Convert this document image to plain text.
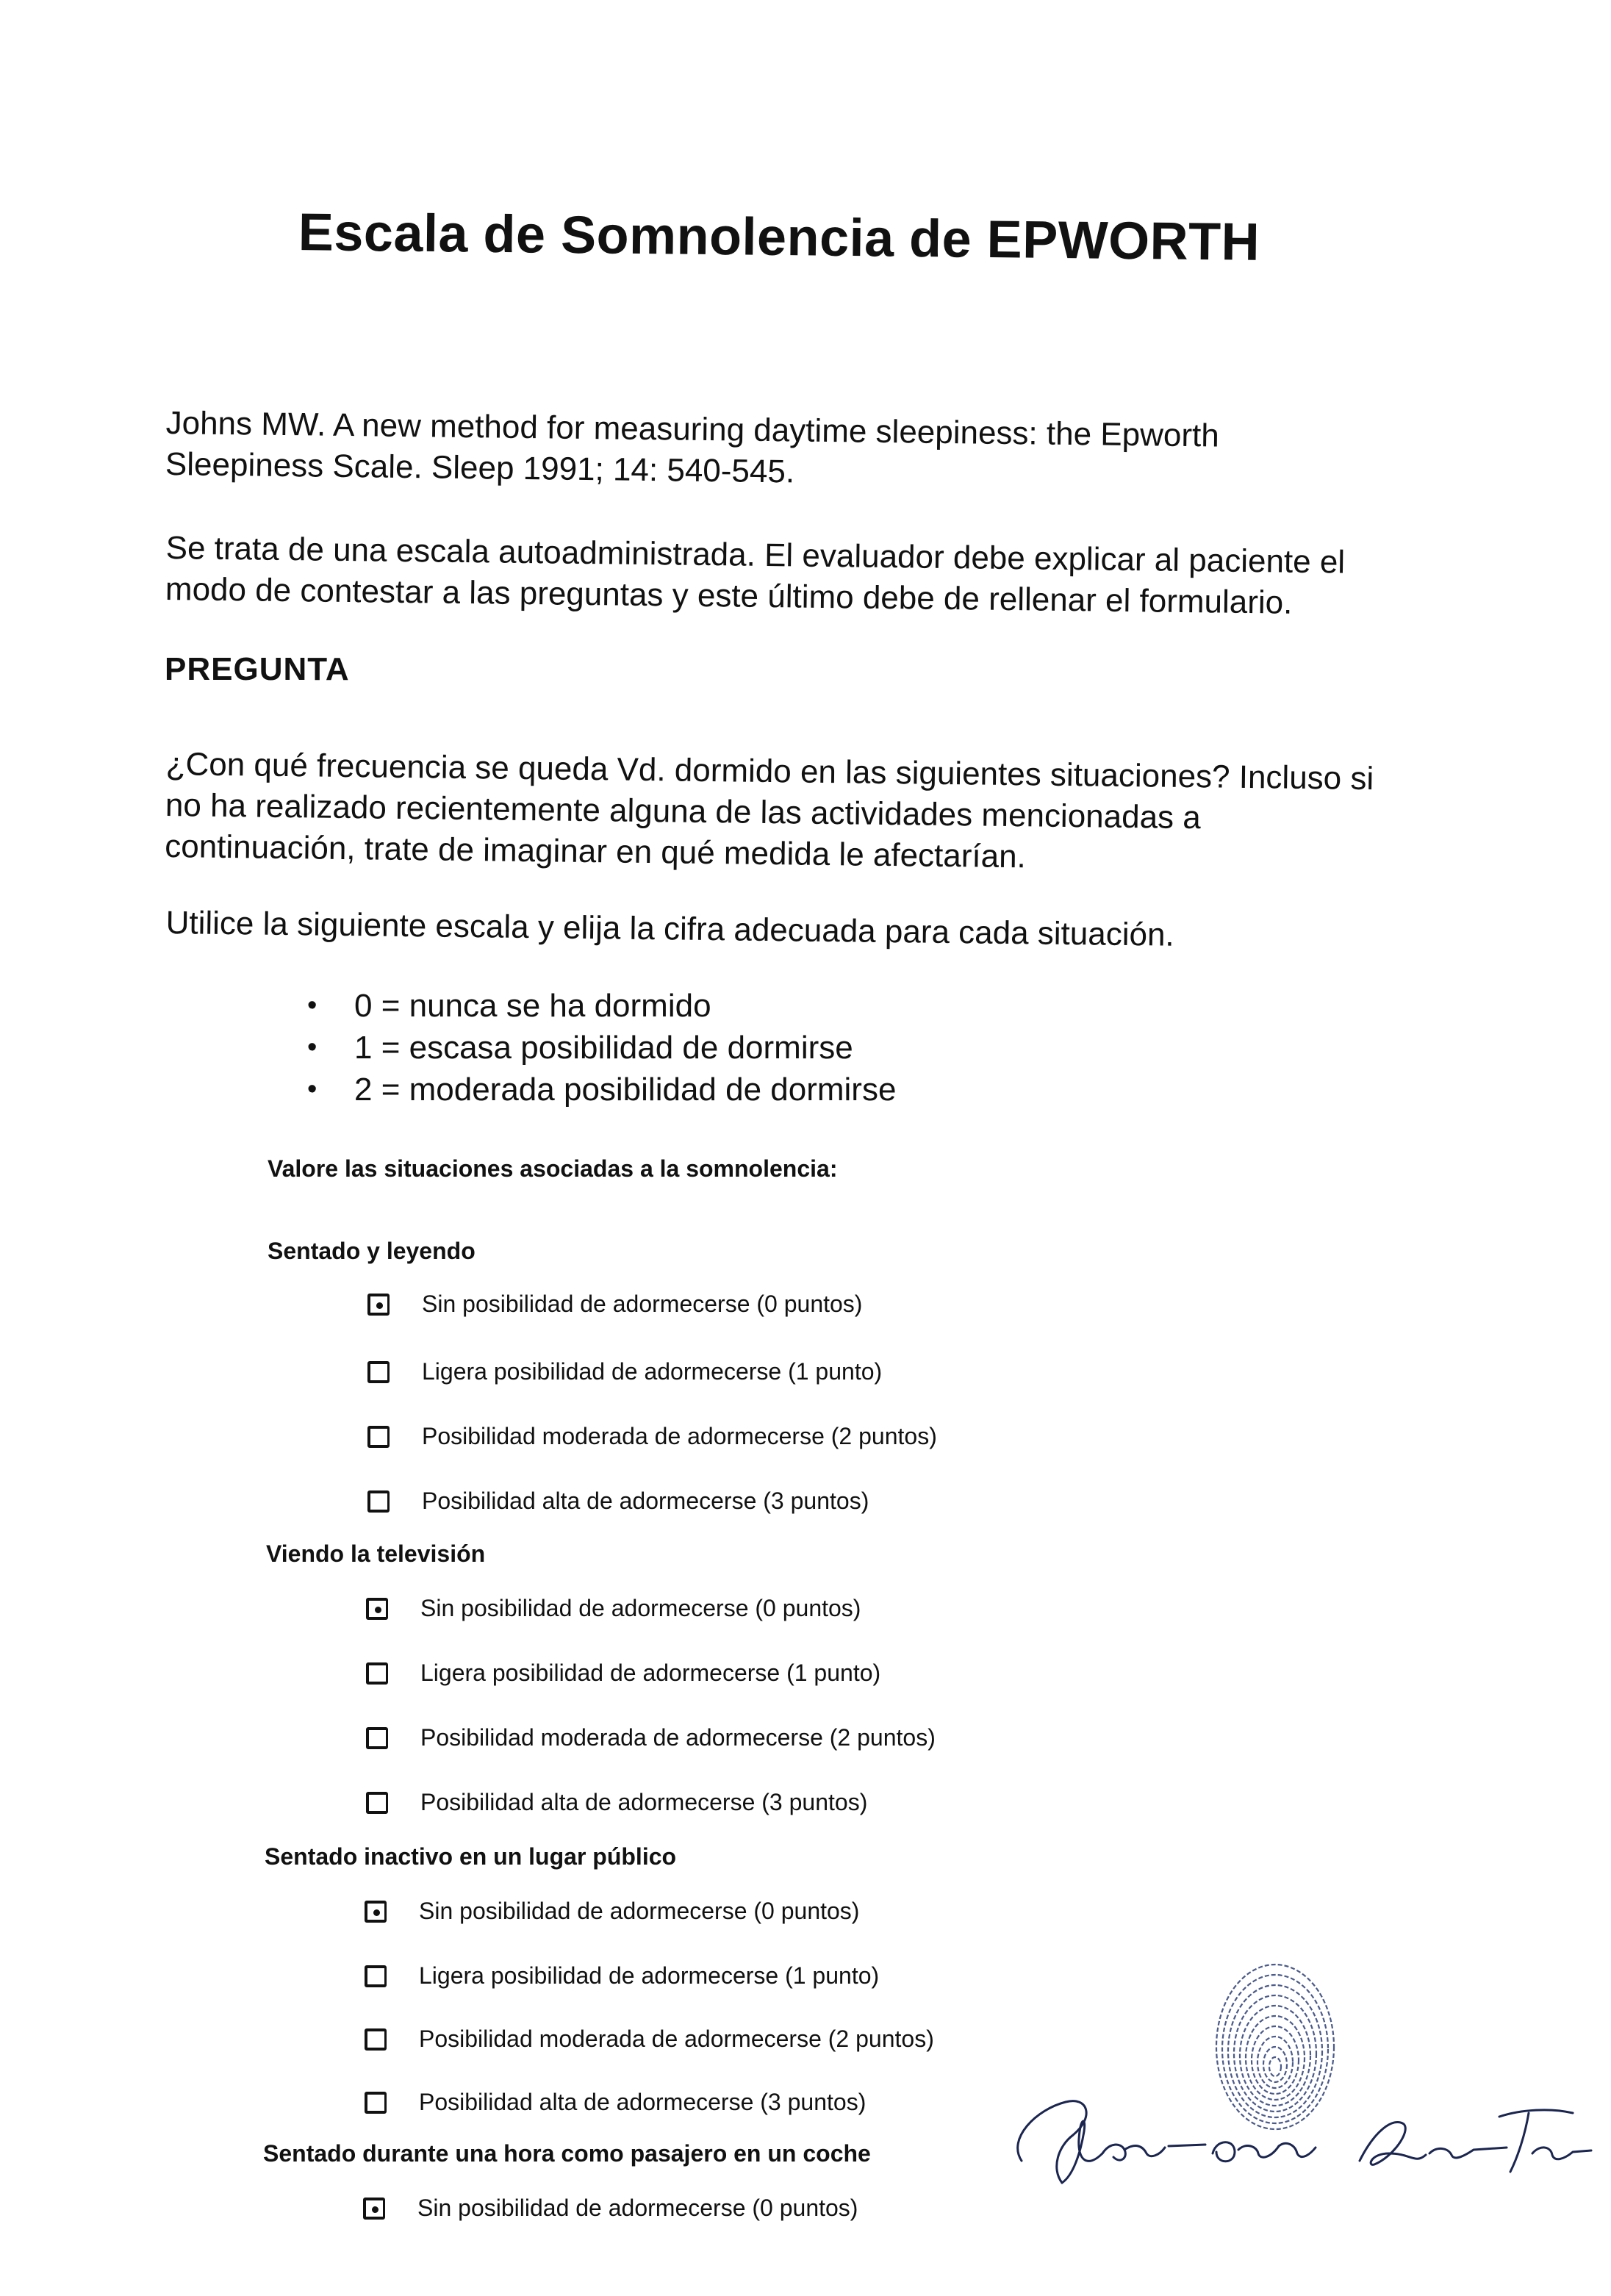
Escala de Somnolencia de EPWORTH
Johns MW. A new method for measuring daytime sleepiness: the Epworth
Sleepiness Scale. Sleep 1991; 14: 540-545.
Se trata de una escala autoadministrada. El evaluador debe explicar al paciente el
modo de contestar a las preguntas y este último debe de rellenar el formulario.
PREGUNTA
¿Con qué frecuencia se queda Vd. dormido en las siguientes situaciones? Incluso si
no ha realizado recientemente alguna de las actividades mencionadas a
continuación, trate de imaginar en qué medida le afectarían.
Utilice la siguiente escala y elija la cifra adecuada para cada situación.
• 0 = nunca se ha dormido
• 1 = escasa posibilidad de dormirse
• 2 = moderada posibilidad de dormirse
Valore las situaciones asociadas a la somnolencia:
Sentado y leyendo
Sin posibilidad de adormecerse (0 puntos)
Ligera posibilidad de adormecerse (1 punto)
Posibilidad moderada de adormecerse (2 puntos)
Posibilidad alta de adormecerse (3 puntos)
Viendo la televisión
Sin posibilidad de adormecerse (0 puntos)
Ligera posibilidad de adormecerse (1 punto)
Posibilidad moderada de adormecerse (2 puntos)
Posibilidad alta de adormecerse (3 puntos)
Sentado inactivo en un lugar público
Sin posibilidad de adormecerse (0 puntos)
Ligera posibilidad de adormecerse (1 punto)
Posibilidad moderada de adormecerse (2 puntos)
Posibilidad alta de adormecerse (3 puntos)
Sentado durante una hora como pasajero en un coche
Sin posibilidad de adormecerse (0 puntos)
